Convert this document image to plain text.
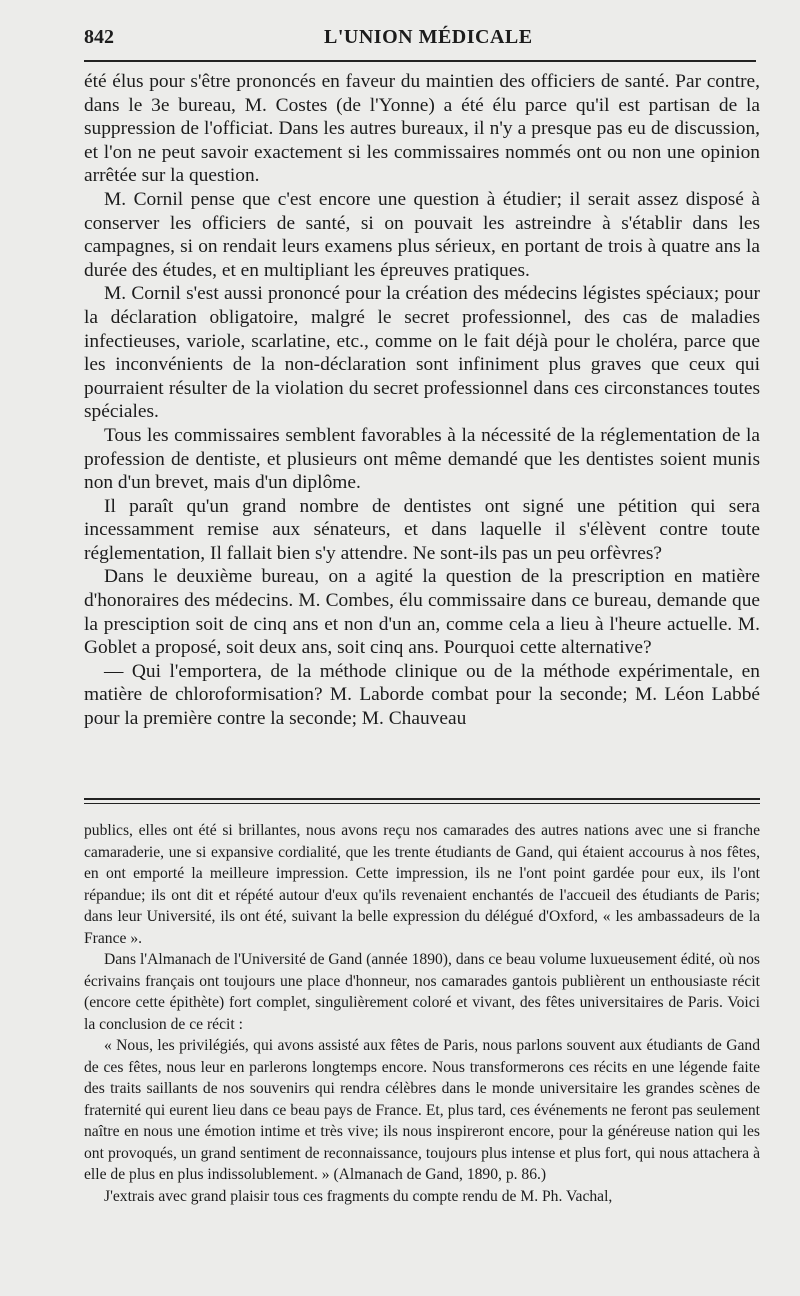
842	L'UNION MÉDICALE

été élus pour s'être prononcés en faveur du maintien des officiers de santé. Par contre, dans le 3e bureau, M. Costes (de l'Yonne) a été élu parce qu'il est partisan de la suppression de l'officiat. Dans les autres bureaux, il n'y a presque pas eu de discussion, et l'on ne peut savoir exactement si les commissaires nommés ont ou non une opinion arrêtée sur la question.

M. Cornil pense que c'est encore une question à étudier; il serait assez disposé à conserver les officiers de santé, si on pouvait les astreindre à s'établir dans les campagnes, si on rendait leurs examens plus sérieux, en portant de trois à quatre ans la durée des études, et en multipliant les épreuves pratiques.

M. Cornil s'est aussi prononcé pour la création des médecins légistes spéciaux; pour la déclaration obligatoire, malgré le secret professionnel, des cas de maladies infectieuses, variole, scarlatine, etc., comme on le fait déjà pour le choléra, parce que les inconvénients de la non-déclaration sont infiniment plus graves que ceux qui pourraient résulter de la violation du secret professionnel dans ces circonstances toutes spéciales.

Tous les commissaires semblent favorables à la nécessité de la réglementation de la profession de dentiste, et plusieurs ont même demandé que les dentistes soient munis non d'un brevet, mais d'un diplôme.

Il paraît qu'un grand nombre de dentistes ont signé une pétition qui sera incessamment remise aux sénateurs, et dans laquelle il s'élèvent contre toute réglementation, Il fallait bien s'y attendre. Ne sont-ils pas un peu orfèvres?

Dans le deuxième bureau, on a agité la question de la prescription en matière d'honoraires des médecins. M. Combes, élu commissaire dans ce bureau, demande que la presciption soit de cinq ans et non d'un an, comme cela a lieu à l'heure actuelle. M. Goblet a proposé, soit deux ans, soit cinq ans. Pourquoi cette alternative?

— Qui l'emportera, de la méthode clinique ou de la méthode expérimentale, en matière de chloroformisation? M. Laborde combat pour la seconde; M. Léon Labbé pour la première contre la seconde; M. Chauveau

publics, elles ont été si brillantes, nous avons reçu nos camarades des autres nations avec une si franche camaraderie, une si expansive cordialité, que les trente étudiants de Gand, qui étaient accourus à nos fêtes, en ont emporté la meilleure impression. Cette impression, ils ne l'ont point gardée pour eux, ils l'ont répandue; ils ont dit et répété autour d'eux qu'ils revenaient enchantés de l'accueil des étudiants de Paris; dans leur Université, ils ont été, suivant la belle expression du délégué d'Oxford, « les ambassadeurs de la France ».

Dans l'Almanach de l'Université de Gand (année 1890), dans ce beau volume luxueusement édité, où nos écrivains français ont toujours une place d'honneur, nos camarades gantois publièrent un enthousiaste récit (encore cette épithète) fort complet, singulièrement coloré et vivant, des fêtes universitaires de Paris. Voici la conclusion de ce récit :

« Nous, les privilégiés, qui avons assisté aux fêtes de Paris, nous parlons souvent aux étudiants de Gand de ces fêtes, nous leur en parlerons longtemps encore. Nous transformerons ces récits en une légende faite des traits saillants de nos souvenirs qui rendra célèbres dans le monde universitaire les grandes scènes de fraternité qui eurent lieu dans ce beau pays de France. Et, plus tard, ces événements ne feront pas seulement naître en nous une émotion intime et très vive; ils nous inspireront encore, pour la généreuse nation qui les ont provoqués, un grand sentiment de reconnaissance, toujours plus intense et plus fort, qui nous attachera à elle de plus en plus indissolublement. » (Almanach de Gand, 1890, p. 86.)

J'extrais avec grand plaisir tous ces fragments du compte rendu de M. Ph. Vachal,
